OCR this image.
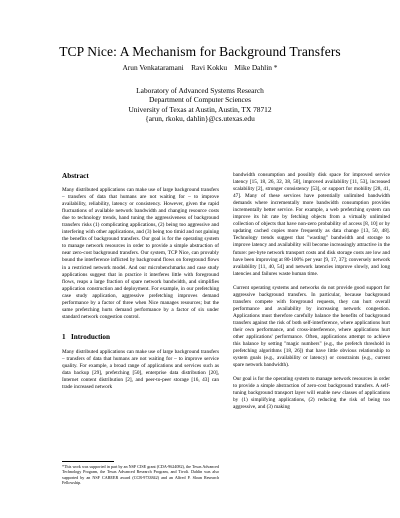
TCP Nice: A Mechanism for Background Transfers
Arun Venkataramani    Ravi Kokku    Mike Dahlin *
Laboratory of Advanced Systems Research
Department of Computer Sciences
University of Texas at Austin, Austin, TX 78712
{arun, rkoku, dahlin}@cs.utexas.edu
Abstract
Many distributed applications can make use of large background transfers – transfers of data that humans are not waiting for – to improve availability, reliability, latency or consistency. However, given the rapid fluctuations of available network bandwidth and changing resource costs due to technology trends, hand tuning the aggressiveness of background transfers risks (1) complicating applications, (2) being too aggressive and interfering with other applications, and (3) being too timid and not gaining the benefits of background transfers. Our goal is for the operating system to manage network resources in order to provide a simple abstraction of near zero-cost background transfers. Our system, TCP Nice, can provably bound the interference inflicted by background flows on foreground flows in a restricted network model. And our microbenchmarks and case study applications suggest that in practice it interferes little with foreground flows, reaps a large fraction of spare network bandwidth, and simplifies application construction and deployment. For example, in our prefetching case study application, aggressive prefetching improves demand performance by a factor of three when Nice manages resources; but the same prefetching hurts demand performance by a factor of six under standard network congestion control.
1   Introduction
Many distributed applications can make use of large background transfers – transfers of data that humans are not waiting for – to improve service quality. For example, a broad range of applications and services such as data backup [29], prefetching [50], enterprise data distribution [20], Internet content distribution [2], and peer-to-peer storage [16, 43] can trade increased network
bandwidth consumption and possibly disk space for improved service latency [15, 18, 26, 32, 38, 50], improved availability [11, 53], increased scalability [2], stronger consistency [53], or support for mobility [28, 41, 47]. Many of these services have potentially unlimited bandwidth demands where incrementally more bandwidth consumption provides incrementally better service. For example, a web prefetching system can improve its hit rate by fetching objects from a virtually unlimited collection of objects that have non-zero probability of access [8, 10] or by updating cached copies more frequently as data change [13, 50, 48]. Technology trends suggest that "wasting" bandwidth and storage to improve latency and availability will become increasingly attractive in the future: per-byte network transport costs and disk storage costs are low and have been improving at 80-100% per year [9, 17, 37]; conversely network availability [11, 40, 54] and network latencies improve slowly, and long latencies and failures waste human time.
Current operating systems and networks do not provide good support for aggressive background transfers. In particular, because background transfers compete with foreground requests, they can hurt overall performance and availability by increasing network congestion. Applications must therefore carefully balance the benefits of background transfers against the risk of both self-interference, where applications hurt their own performance, and cross-interference, where applications hurt other applications' performance. Often, applications attempt to achieve this balance by setting "magic numbers" (e.g., the prefetch threshold in prefetching algorithms [18, 26]) that have little obvious relationship to system goals (e.g., availability or latency) or constraints (e.g., current spare network bandwidth).
Our goal is for the operating system to manage network resources in order to provide a simple abstraction of zero-cost background transfers. A self-tuning background transport layer will enable new classes of applications by (1) simplifying applications, (2) reducing the risk of being too aggressive, and (3) making
*This work was supported in part by an NSF CISE grant (CDA-9624082), the Texas Advanced Technology Program, the Texas Advanced Research Program, and Tivoli. Dahlin was also supported by an NSF CAREER award (CCR-9733842) and an Alfred P. Sloan Research Fellowship.
